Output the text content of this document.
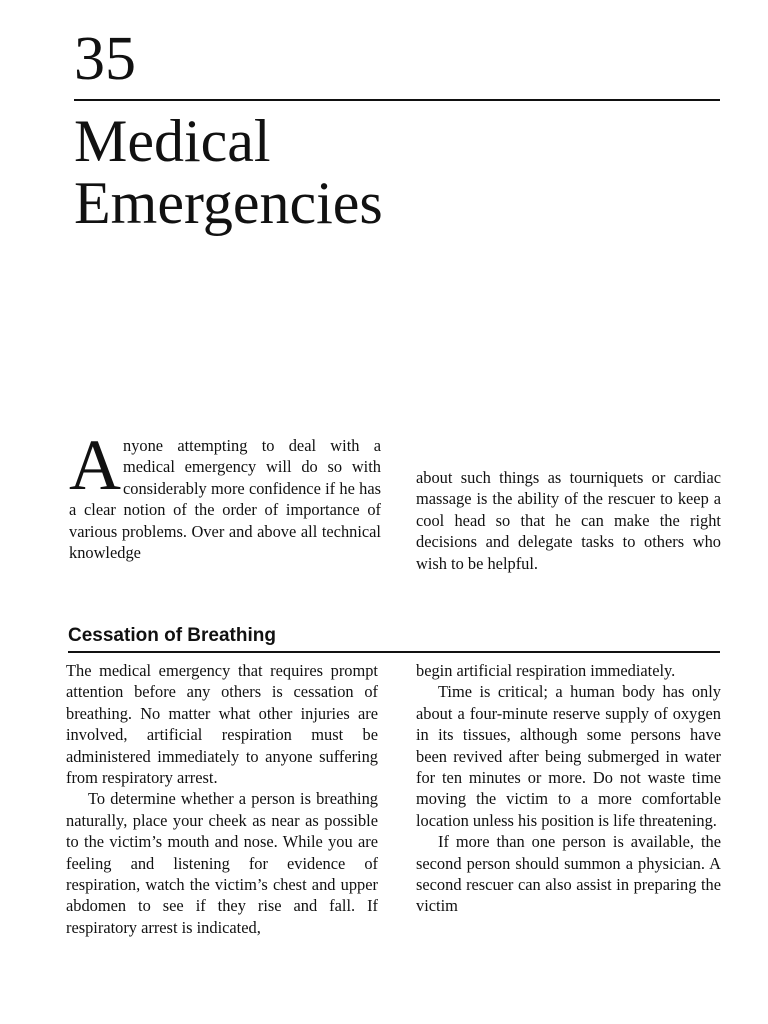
35
Medical
Emergencies

Anyone attempting to deal with a medical emergency will do so with considerably more confidence if he has a clear notion of the order of importance of various problems. Over and above all technical knowledge

about such things as tourniquets or cardiac massage is the ability of the rescuer to keep a cool head so that he can make the right decisions and delegate tasks to others who wish to be helpful.

Cessation of Breathing

The medical emergency that requires prompt attention before any others is cessation of breathing. No matter what other injuries are involved, artificial respiration must be administered immediately to anyone suffering from respiratory arrest.

To determine whether a person is breathing naturally, place your cheek as near as possible to the victim’s mouth and nose. While you are feeling and listening for evidence of respiration, watch the victim’s chest and upper abdomen to see if they rise and fall. If respiratory arrest is indicated,

begin artificial respiration immediately.

Time is critical; a human body has only about a four-minute reserve supply of oxygen in its tissues, although some persons have been revived after being submerged in water for ten minutes or more. Do not waste time moving the victim to a more comfortable location unless his position is life threatening.

If more than one person is available, the second person should summon a physician. A second rescuer can also assist in preparing the victim
